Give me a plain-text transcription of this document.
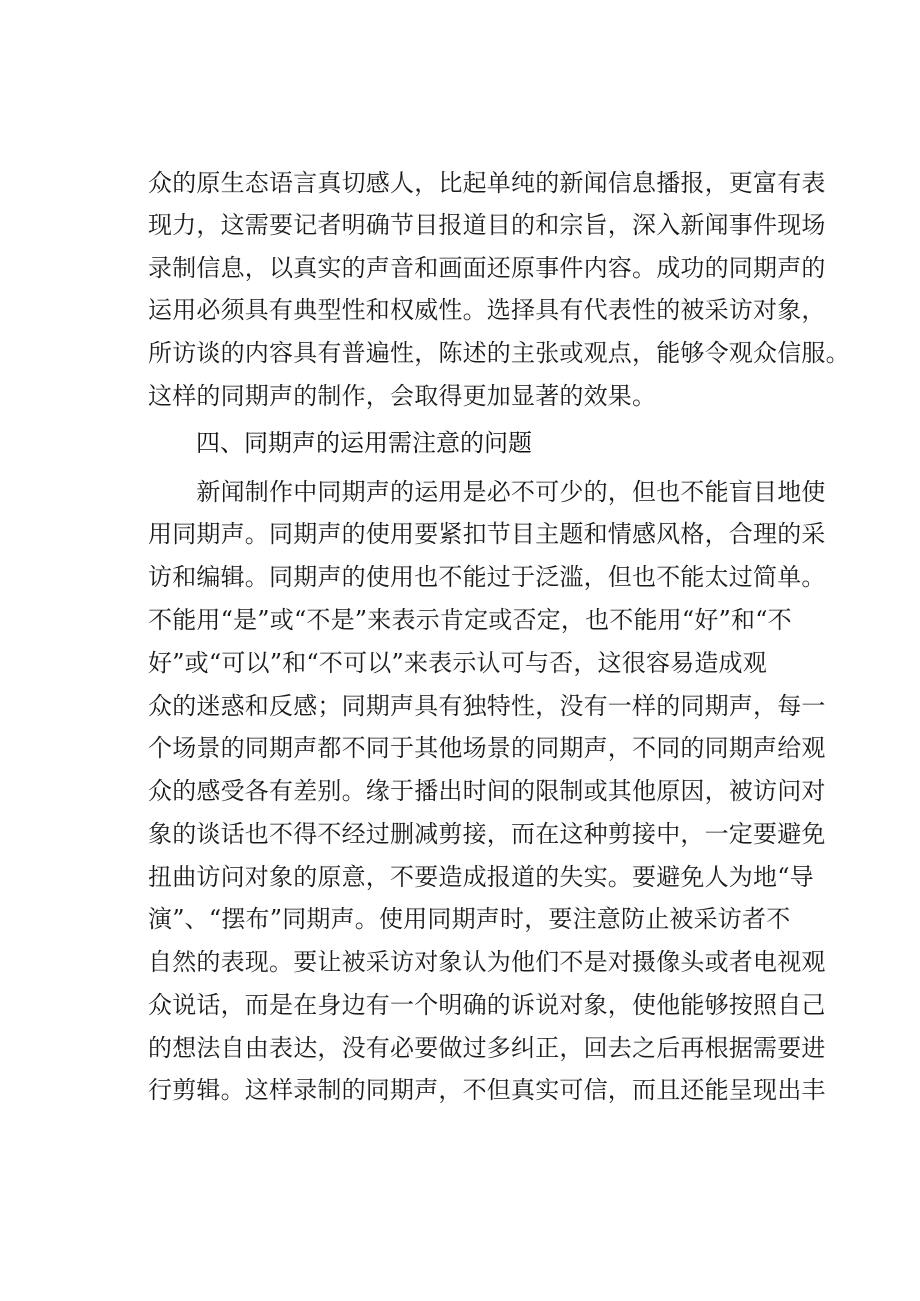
众的原生态语言真切感人，比起单纯的新闻信息播报，更富有表
现力，这需要记者明确节目报道目的和宗旨，深入新闻事件现场
录制信息，以真实的声音和画面还原事件内容。成功的同期声的
运用必须具有典型性和权威性。选择具有代表性的被采访对象，
所访谈的内容具有普遍性，陈述的主张或观点，能够令观众信服。
这样的同期声的制作，会取得更加显著的效果。
四、同期声的运用需注意的问题
　　新闻制作中同期声的运用是必不可少的，但也不能盲目地使
用同期声。同期声的使用要紧扣节目主题和情感风格，合理的采
访和编辑。同期声的使用也不能过于泛滥，但也不能太过简单。
不能用“是”或“不是”来表示肯定或否定，也不能用“好”和“不
好”或“可以”和“不可以”来表示认可与否，这很容易造成观
众的迷惑和反感；同期声具有独特性，没有一样的同期声，每一
个场景的同期声都不同于其他场景的同期声，不同的同期声给观
众的感受各有差别。缘于播出时间的限制或其他原因，被访问对
象的谈话也不得不经过删减剪接，而在这种剪接中，一定要避免
扭曲访问对象的原意，不要造成报道的失实。要避免人为地“导
演”、“摆布”同期声。使用同期声时，要注意防止被采访者不
自然的表现。要让被采访对象认为他们不是对摄像头或者电视观
众说话，而是在身边有一个明确的诉说对象，使他能够按照自己
的想法自由表达，没有必要做过多纠正，回去之后再根据需要进
行剪辑。这样录制的同期声，不但真实可信，而且还能呈现出丰
